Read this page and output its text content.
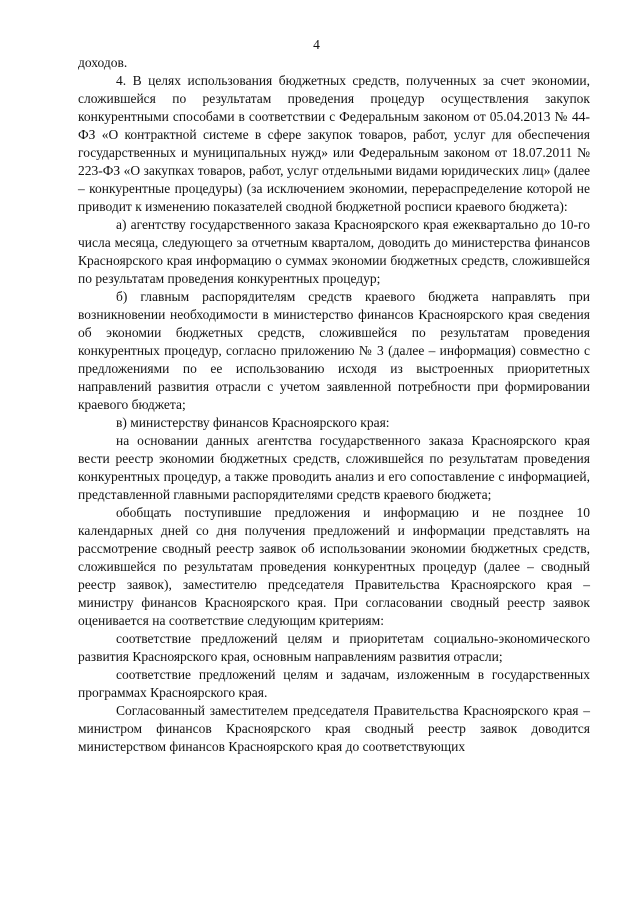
4

доходов.

4. В целях использования бюджетных средств, полученных за счет экономии, сложившейся по результатам проведения процедур осуществления закупок конкурентными способами в соответствии с Федеральным законом от 05.04.2013 № 44-ФЗ «О контрактной системе в сфере закупок товаров, работ, услуг для обеспечения государственных и муниципальных нужд» или Федеральным законом от 18.07.2011 № 223-ФЗ «О закупках товаров, работ, услуг отдельными видами юридических лиц» (далее – конкурентные процедуры) (за исключением экономии, перераспределение которой не приводит к изменению показателей сводной бюджетной росписи краевого бюджета):

а) агентству государственного заказа Красноярского края ежеквартально до 10-го числа месяца, следующего за отчетным кварталом, доводить до министерства финансов Красноярского края информацию о суммах экономии бюджетных средств, сложившейся по результатам проведения конкурентных процедур;

б) главным распорядителям средств краевого бюджета направлять при возникновении необходимости в министерство финансов Красноярского края сведения об экономии бюджетных средств, сложившейся по результатам проведения конкурентных процедур, согласно приложению № 3 (далее – информация) совместно с предложениями по ее использованию исходя из выстроенных приоритетных направлений развития отрасли с учетом заявленной потребности при формировании краевого бюджета;

в) министерству финансов Красноярского края:

на основании данных агентства государственного заказа Красноярского края вести реестр экономии бюджетных средств, сложившейся по результатам проведения конкурентных процедур, а также проводить анализ и его сопоставление с информацией, представленной главными распорядителями средств краевого бюджета;

обобщать поступившие предложения и информацию и не позднее 10 календарных дней со дня получения предложений и информации представлять на рассмотрение сводный реестр заявок об использовании экономии бюджетных средств, сложившейся по результатам проведения конкурентных процедур (далее – сводный реестр заявок), заместителю председателя Правительства Красноярского края – министру финансов Красноярского края. При согласовании сводный реестр заявок оценивается на соответствие следующим критериям:

соответствие предложений целям и приоритетам социально-экономического развития Красноярского края, основным направлениям развития отрасли;

соответствие предложений целям и задачам, изложенным в государственных программах Красноярского края.

Согласованный заместителем председателя Правительства Красноярского края – министром финансов Красноярского края сводный реестр заявок доводится министерством финансов Красноярского края до соответствующих
